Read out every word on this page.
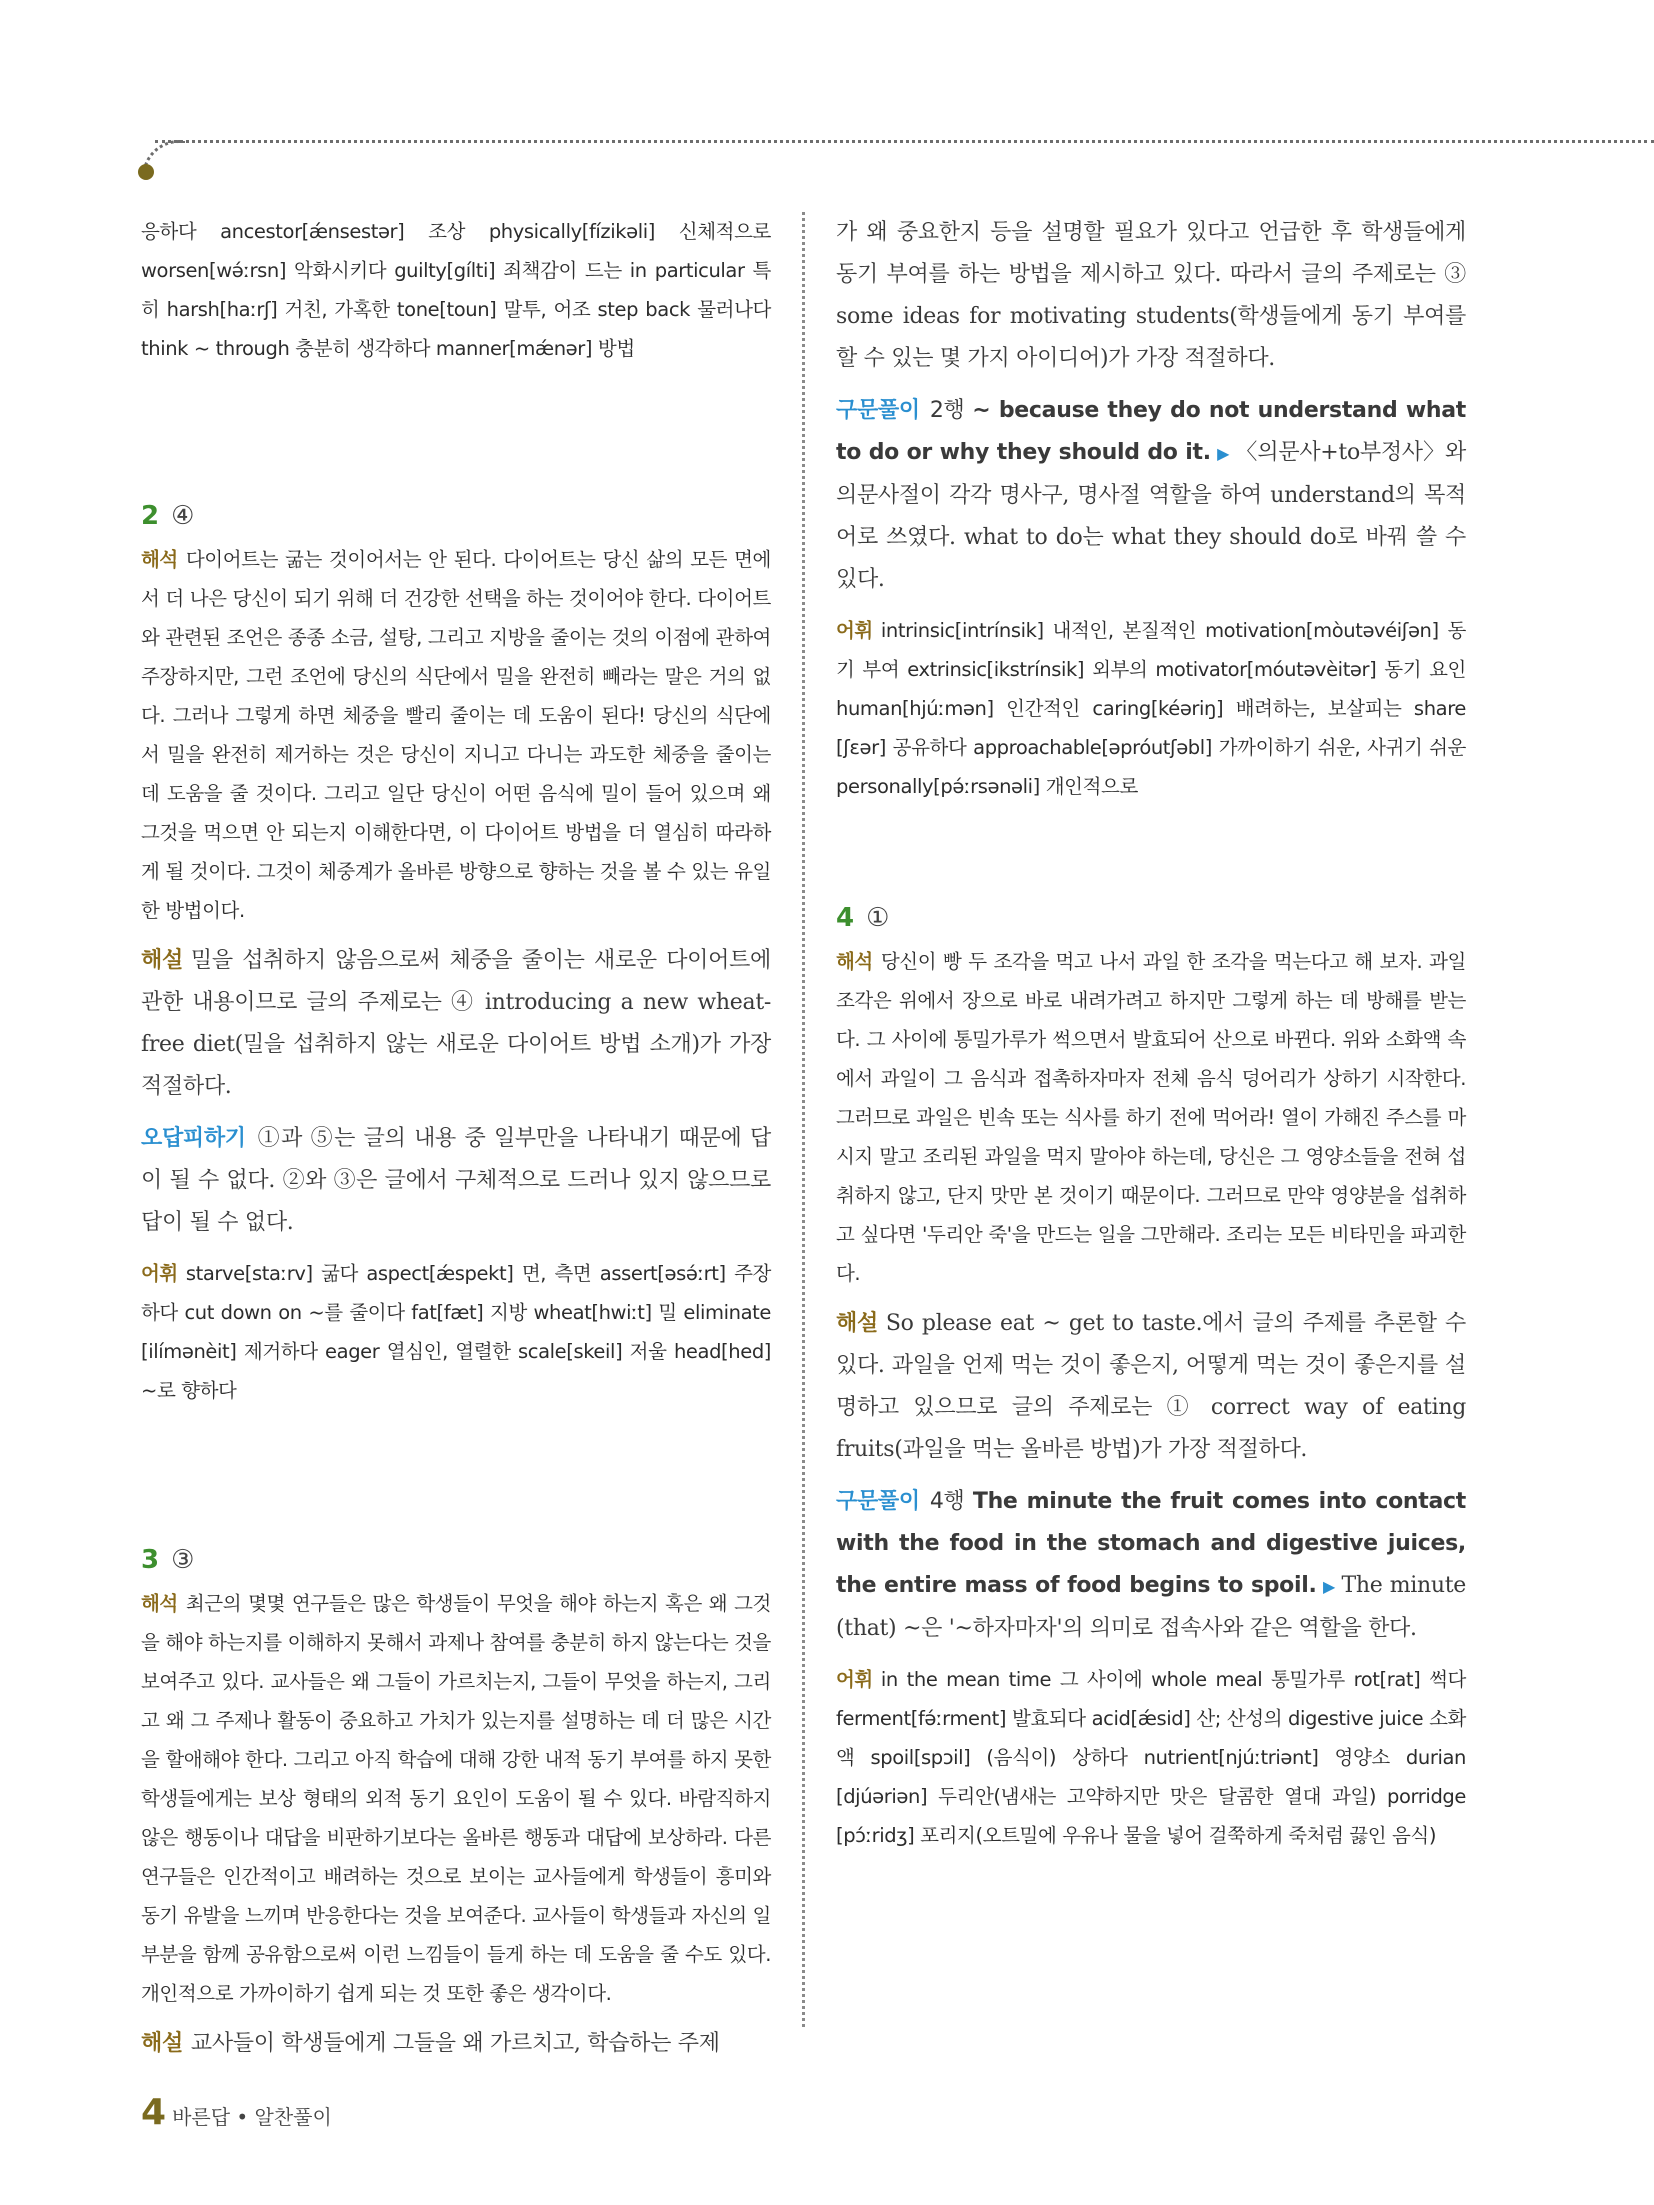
응하다 ancestor[ǽnsestər] 조상 physically[fízikəli] 신체적으로 worsen[wə́ːrsn] 악화시키다 guilty[gílti] 죄책감이 드는 in particular 특히 harsh[haːrʃ] 거친, 가혹한 tone[toun] 말투, 어조 step back 물러나다 think ~ through 충분히 생각하다 manner[mǽnər] 방법
2 ④
해석 다이어트는 굶는 것이어서는 안 된다. 다이어트는 당신 삶의 모든 면에서 더 나은 당신이 되기 위해 더 건강한 선택을 하는 것이어야 한다. 다이어트와 관련된 조언은 종종 소금, 설탕, 그리고 지방을 줄이는 것의 이점에 관하여 주장하지만, 그런 조언에 당신의 식단에서 밀을 완전히 빼라는 말은 거의 없다. 그러나 그렇게 하면 체중을 빨리 줄이는 데 도움이 된다! 당신의 식단에서 밀을 완전히 제거하는 것은 당신이 지니고 다니는 과도한 체중을 줄이는 데 도움을 줄 것이다. 그리고 일단 당신이 어떤 음식에 밀이 들어 있으며 왜 그것을 먹으면 안 되는지 이해한다면, 이 다이어트 방법을 더 열심히 따라하게 될 것이다. 그것이 체중계가 올바른 방향으로 향하는 것을 볼 수 있는 유일한 방법이다.
해설 밀을 섭취하지 않음으로써 체중을 줄이는 새로운 다이어트에 관한 내용이므로 글의 주제로는 ④ introducing a new wheat-free diet(밀을 섭취하지 않는 새로운 다이어트 방법 소개)가 가장 적절하다.
오답피하기 ①과 ⑤는 글의 내용 중 일부만을 나타내기 때문에 답이 될 수 없다. ②와 ③은 글에서 구체적으로 드러나 있지 않으므로 답이 될 수 없다.
어휘 starve[staːrv] 굶다 aspect[ǽspekt] 면, 측면 assert[əsə́ːrt] 주장하다 cut down on ~를 줄이다 fat[fæt] 지방 wheat[hwiːt] 밀 eliminate [ilímənèit] 제거하다 eager 열심인, 열렬한 scale[skeil] 저울 head[hed] ~로 향하다
3 ③
해석 최근의 몇몇 연구들은 많은 학생들이 무엇을 해야 하는지 혹은 왜 그것을 해야 하는지를 이해하지 못해서 과제나 참여를 충분히 하지 않는다는 것을 보여주고 있다. 교사들은 왜 그들이 가르치는지, 그들이 무엇을 하는지, 그리고 왜 그 주제나 활동이 중요하고 가치가 있는지를 설명하는 데 더 많은 시간을 할애해야 한다. 그리고 아직 학습에 대해 강한 내적 동기 부여를 하지 못한 학생들에게는 보상 형태의 외적 동기 요인이 도움이 될 수 있다. 바람직하지 않은 행동이나 대답을 비판하기보다는 올바른 행동과 대답에 보상하라. 다른 연구들은 인간적이고 배려하는 것으로 보이는 교사들에게 학생들이 흥미와 동기 유발을 느끼며 반응한다는 것을 보여준다. 교사들이 학생들과 자신의 일부분을 함께 공유함으로써 이런 느낌들이 들게 하는 데 도움을 줄 수도 있다. 개인적으로 가까이하기 쉽게 되는 것 또한 좋은 생각이다.
해설 교사들이 학생들에게 그들을 왜 가르치고, 학습하는 주제
가 왜 중요한지 등을 설명할 필요가 있다고 언급한 후 학생들에게 동기 부여를 하는 방법을 제시하고 있다. 따라서 글의 주제로는 ③ some ideas for motivating students(학생들에게 동기 부여를 할 수 있는 몇 가지 아이디어)가 가장 적절하다.
구문풀이 2행 ~ because they do not understand what to do or why they should do it. ▶ 〈의문사+to부정사〉와 의문사절이 각각 명사구, 명사절 역할을 하여 understand의 목적어로 쓰였다. what to do는 what they should do로 바꿔 쓸 수 있다.
어휘 intrinsic[intrínsik] 내적인, 본질적인 motivation[mòutəvéiʃən] 동기 부여 extrinsic[ikstrínsik] 외부의 motivator[móutəvèitər] 동기 요인 human[hjúːmən] 인간적인 caring[kéəriŋ] 배려하는, 보살피는 share [ʃɛər] 공유하다 approachable[əpróutʃəbl] 가까이하기 쉬운, 사귀기 쉬운 personally[pə́ːrsənəli] 개인적으로
4 ①
해석 당신이 빵 두 조각을 먹고 나서 과일 한 조각을 먹는다고 해 보자. 과일 조각은 위에서 장으로 바로 내려가려고 하지만 그렇게 하는 데 방해를 받는다. 그 사이에 통밀가루가 썩으면서 발효되어 산으로 바뀐다. 위와 소화액 속에서 과일이 그 음식과 접촉하자마자 전체 음식 덩어리가 상하기 시작한다. 그러므로 과일은 빈속 또는 식사를 하기 전에 먹어라! 열이 가해진 주스를 마시지 말고 조리된 과일을 먹지 말아야 하는데, 당신은 그 영양소들을 전혀 섭취하지 않고, 단지 맛만 본 것이기 때문이다. 그러므로 만약 영양분을 섭취하고 싶다면 '두리안 죽'을 만드는 일을 그만해라. 조리는 모든 비타민을 파괴한다.
해설 So please eat ~ get to taste.에서 글의 주제를 추론할 수 있다. 과일을 언제 먹는 것이 좋은지, 어떻게 먹는 것이 좋은지를 설명하고 있으므로 글의 주제로는 ① correct way of eating fruits(과일을 먹는 올바른 방법)가 가장 적절하다.
구문풀이 4행 The minute the fruit comes into contact with the food in the stomach and digestive juices, the entire mass of food begins to spoil. ▶ The minute (that) ~은 '~하자마자'의 의미로 접속사와 같은 역할을 한다.
어휘 in the mean time 그 사이에 whole meal 통밀가루 rot[rat] 썩다 ferment[fə́ːrment] 발효되다 acid[ǽsid] 산; 산성의 digestive juice 소화액 spoil[spɔil] (음식이) 상하다 nutrient[njúːtriənt] 영양소 durian [djúəriən] 두리안(냄새는 고약하지만 맛은 달콤한 열대 과일) porridge [pɔ́ːridʒ] 포리지(오트밀에 우유나 물을 넣어 걸쭉하게 죽처럼 끓인 음식)
4 바른답 • 알찬풀이
